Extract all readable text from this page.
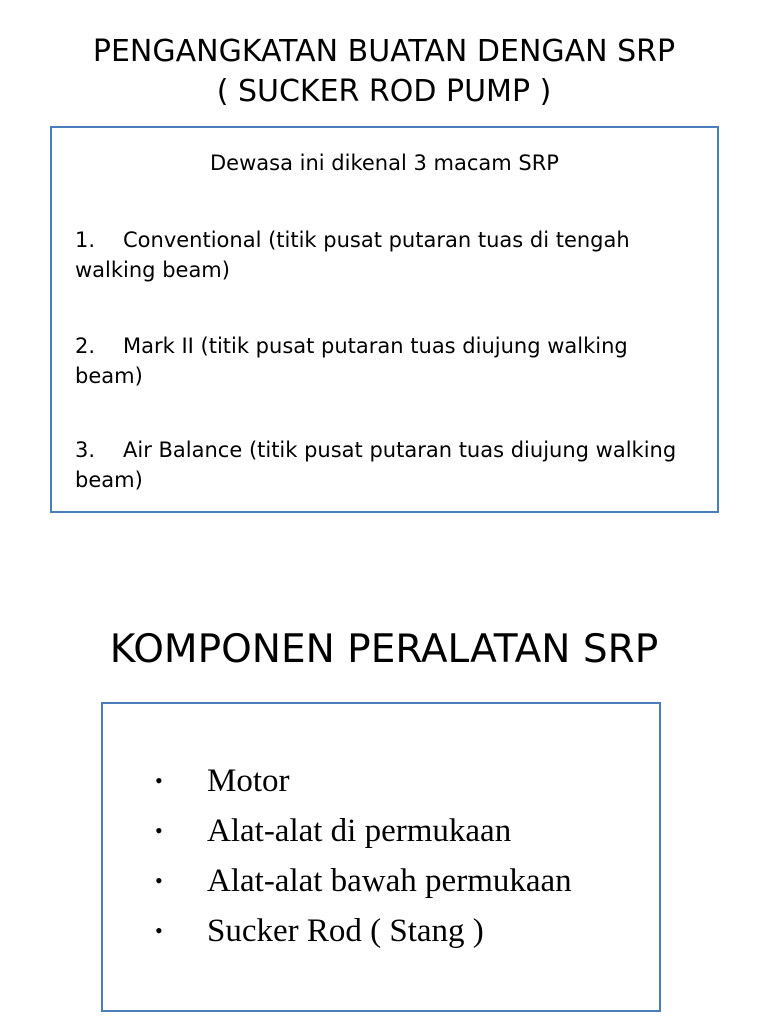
PENGANGKATAN BUATAN DENGAN SRP
( SUCKER ROD PUMP )

Dewasa ini dikenal 3 macam SRP

1. Conventional (titik pusat putaran tuas di tengah walking beam)

2. Mark II (titik pusat putaran tuas diujung walking beam)

3. Air Balance (titik pusat putaran tuas diujung walking beam)

KOMPONEN PERALATAN SRP
•	Motor
•	Alat-alat di permukaan
•	Alat-alat bawah permukaan
•	Sucker Rod ( Stang )
